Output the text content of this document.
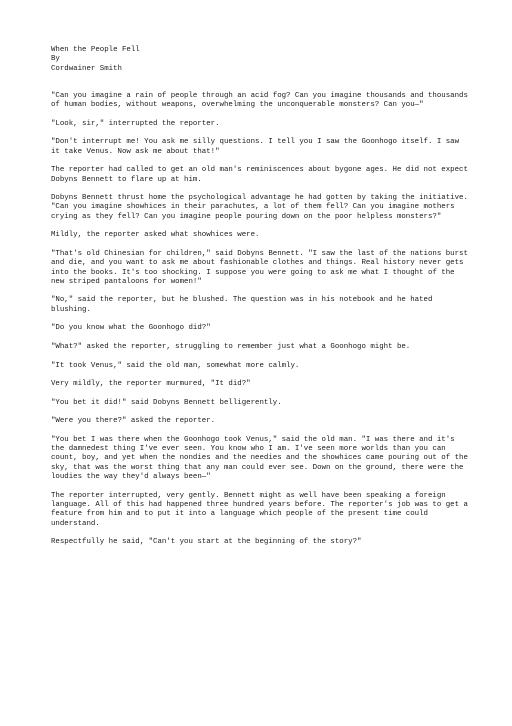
When the People Fell

By

Cordwainer Smith

"Can you imagine a rain of people through an acid fog? Can you imagine thousands and thousands of human bodies, without weapons, overwhelming the unconquerable monsters? Can you—"

"Look, sir," interrupted the reporter.

"Don't interrupt me! You ask me silly questions. I tell you I saw the Goonhogo itself. I saw it take Venus. Now ask me about that!"

The reporter had called to get an old man's reminiscences about bygone ages. He did not expect Dobyns Bennett to flare up at him.

Dobyns Bennett thrust home the psychological advantage he had gotten by taking the initiative. "Can you imagine showhices in their parachutes, a lot of them fell? Can you imagine mothers crying as they fell? Can you imagine people pouring down on the poor helpless monsters?"

Mildly, the reporter asked what showhices were.

"That's old Chinesian for children," said Dobyns Bennett. "I saw the last of the nations burst and die, and you want to ask me about fashionable clothes and things. Real history never gets into the books. It's too shocking. I suppose you were going to ask me what I thought of the new striped pantaloons for women!"

"No," said the reporter, but he blushed. The question was in his notebook and he hated blushing.

"Do you know what the Goonhogo did?"

"What?" asked the reporter, struggling to remember just what a Goonhogo might be.

"It took Venus," said the old man, somewhat more calmly.

Very mildly, the reporter murmured, "It did?"

"You bet it did!" said Dobyns Bennett belligerently.

"Were you there?" asked the reporter.

"You bet I was there when the Goonhogo took Venus," said the old man. "I was there and it's the damnedest thing I've ever seen. You know who I am. I've seen more worlds than you can count, boy, and yet when the nondies and the needies and the showhices came pouring out of the sky, that was the worst thing that any man could ever see. Down on the ground, there were the loudies the way they'd always been—"

The reporter interrupted, very gently. Bennett might as well have been speaking a foreign language. All of this had happened three hundred years before. The reporter's job was to get a feature from him and to put it into a language which people of the present time could understand.

Respectfully he said, "Can't you start at the beginning of the story?"
